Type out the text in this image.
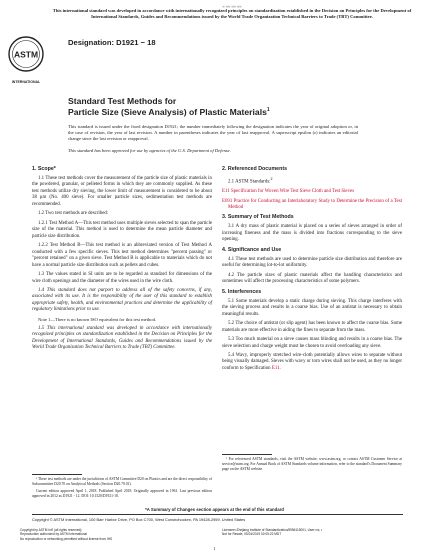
≈ ≈≈ ≈≈ ≈≈
This international standard was developed in accordance with internationally recognized principles on standardization established in the Decision on Principles for the Development of International Standards, Guides and Recommendations issued by the World Trade Organization Technical Barriers to Trade (TBT) Committee.
ASTM
INTERNATIONAL
Designation: D1921 − 18
Standard Test Methods for
Particle Size (Sieve Analysis) of Plastic Materials$^1$
This standard is issued under the fixed designation D1921; the number immediately following the designation indicates the year of original adoption or, in the case of revision, the year of last revision. A number in parentheses indicates the year of last reapproval. A superscript epsilon (ε) indicates an editorial change since the last revision or reapproval.
This standard has been approved for use by agencies of the U.S. Department of Defense.
1. Scope*

1.1 These test methods cover the measurement of the particle size of plastic materials in the powdered, granular, or pelleted forms in which they are commonly supplied. As these test methods utilize dry sieving, the lower limit of measurement is considered to be about 38 μm (No. 400 sieve). For smaller particle sizes, sedimentation test methods are recommended.

1.2 Two test methods are described:

1.2.1 Test Method A—This test method uses multiple sieves selected to span the particle size of the material. This method is used to determine the mean particle diameter and particle size distribution.

1.2.2 Test Method B—This test method is an abbreviated version of Test Method A conducted with a few specific sieves. This test method determines "percent passing" or "percent retained" on a given sieve. Test Method B is applicable to materials which do not have a normal particle size distribution such as pellets and cubes.

1.3 The values stated in SI units are to be regarded as standard for dimensions of the wire cloth openings and the diameter of the wires used in the wire cloth.

1.4 This standard does not purport to address all of the safety concerns, if any, associated with its use. It is the responsibility of the user of this standard to establish appropriate safety, health, and environmental practices and determine the applicability of regulatory limitations prior to use.

Note 1—There is no known ISO equivalent for this test method.

1.5 This international standard was developed in accordance with internationally recognized principles on standardization established in the Decision on Principles for the Development of International Standards, Guides and Recommendations issued by the World Trade Organization Technical Barriers to Trade (TBT) Committee.

2. Referenced Documents

2.1 ASTM Standards:$^2$

E11 Specification for Woven Wire Test Sieve Cloth and Test Sieves

E691 Practice for Conducting an Interlaboratory Study to Determine the Precision of a Test Method

3. Summary of Test Methods

3.1 A dry mass of plastic material is placed on a series of sieves arranged in order of increasing fineness and the mass is divided into fractions corresponding to the sieve opening.

4. Significance and Use

4.1 These test methods are used to determine particle size distribution and therefore are useful for determining lot-to-lot uniformity.

4.2 The particle sizes of plastic materials affect the handling characteristics and sometimes will affect the processing characteristics of some polymers.

5. Interferences

5.1 Some materials develop a static charge during sieving. This charge interferes with the sieving process and results in a coarse bias. Use of an antistat is necessary to obtain meaningful results.

5.2 The choice of antistat (or slip agent) has been known to affect the coarse bias. Some materials are more effective in aiding the fines to separate from the mass.

5.3 Too much material on a sieve causes mass blinding and results in a coarse bias. The sieve selection and charge weight must be chosen to avoid overloading any sieve.

5.4 Wavy, improperly stretched wire-cloth potentially allows wires to separate without being visually damaged. Sieves with wavy or torn wires shall not be used, as they no longer conform to Specification E11.

¹ These test methods are under the jurisdiction of ASTM Committee D20 on Plastics and are the direct responsibility of Subcommittee D20.70 on Analytical Methods (Section D20.70.01).

Current edition approved April 1, 2018. Published April 2018. Originally approved in 1961. Last previous edition approved in 2012 as D1921 - 12. DOI: 10.1520/D1921-18.

² For referenced ASTM standards, visit the ASTM website, www.astm.org, or contact ASTM Customer Service at service@astm.org. For Annual Book of ASTM Standards volume information, refer to the standard's Document Summary page on the ASTM website.

*A Summary of Changes section appears at the end of this standard
Copyright © ASTM International, 100 Barr Harbor Drive, PO Box C700, West Conshohocken, PA 19428-2959. United States
Copyright by ASTM Int'l (all rights reserved);
Reproduction authorized by ASTM International
No reproduction or networking permitted without license from IHS
Licensee=Zhejiang Institute of Standardization/5956115001, User=xx, r
Not for Resale, 05/24/2019 02:05:22 MDT
1
